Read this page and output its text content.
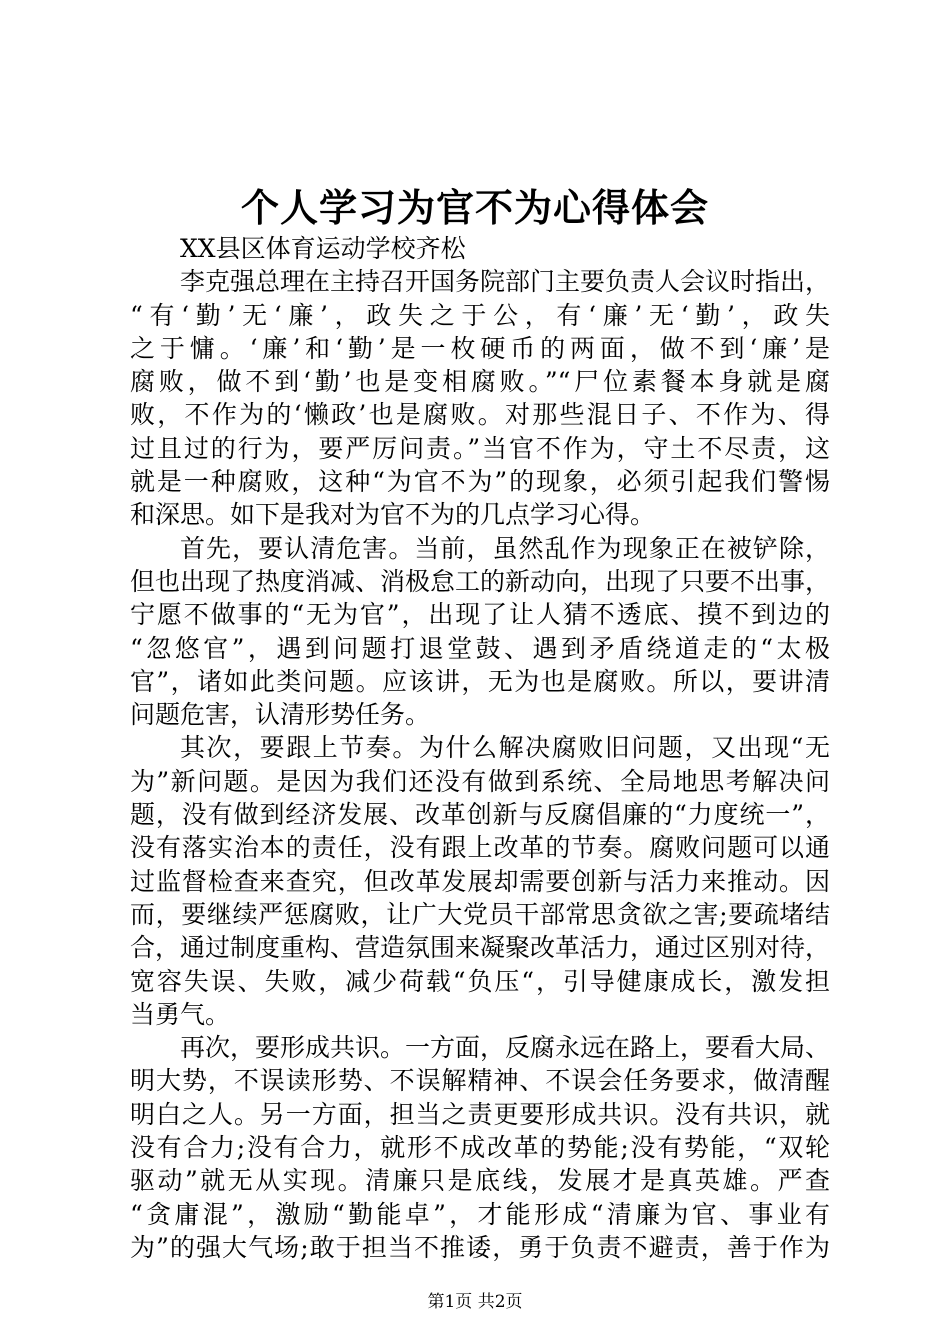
个人学习为官不为心得体会
XX县区体育运动学校齐松
李克强总理在主持召开国务院部门主要负责人会议时指出，
“有‘勤’无‘廉’，政失之于公，有‘廉’无‘勤’，政失
之于慵。‘廉’和‘勤’是一枚硬币的两面，做不到‘廉’是
腐败，做不到‘勤’也是变相腐败。”“尸位素餐本身就是腐
败，不作为的‘懒政’也是腐败。对那些混日子、不作为、得
过且过的行为，要严厉问责。”当官不作为，守土不尽责，这
就是一种腐败，这种“为官不为”的现象，必须引起我们警惕
和深思。如下是我对为官不为的几点学习心得。
首先，要认清危害。当前，虽然乱作为现象正在被铲除，
但也出现了热度消减、消极怠工的新动向，出现了只要不出事，
宁愿不做事的“无为官”，出现了让人猜不透底、摸不到边的
“忽悠官”，遇到问题打退堂鼓、遇到矛盾绕道走的“太极
官”，诸如此类问题。应该讲，无为也是腐败。所以，要讲清
问题危害，认清形势任务。
其次，要跟上节奏。为什么解决腐败旧问题，又出现“无
为”新问题。是因为我们还没有做到系统、全局地思考解决问
题，没有做到经济发展、改革创新与反腐倡廉的“力度统一”，
没有落实治本的责任，没有跟上改革的节奏。腐败问题可以通
过监督检查来查究，但改革发展却需要创新与活力来推动。因
而，要继续严惩腐败，让广大党员干部常思贪欲之害;要疏堵结
合，通过制度重构、营造氛围来凝聚改革活力，通过区别对待，
宽容失误、失败，减少荷载“负压“，引导健康成长，激发担
当勇气。
再次，要形成共识。一方面，反腐永远在路上，要看大局、
明大势，不误读形势、不误解精神、不误会任务要求，做清醒
明白之人。另一方面，担当之责更要形成共识。没有共识，就
没有合力;没有合力，就形不成改革的势能;没有势能，“双轮
驱动”就无从实现。清廉只是底线，发展才是真英雄。严查
“贪庸混”，激励“勤能卓”，才能形成“清廉为官、事业有
为”的强大气场;敢于担当不推诿，勇于负责不避责，善于作为
第1页 共2页
